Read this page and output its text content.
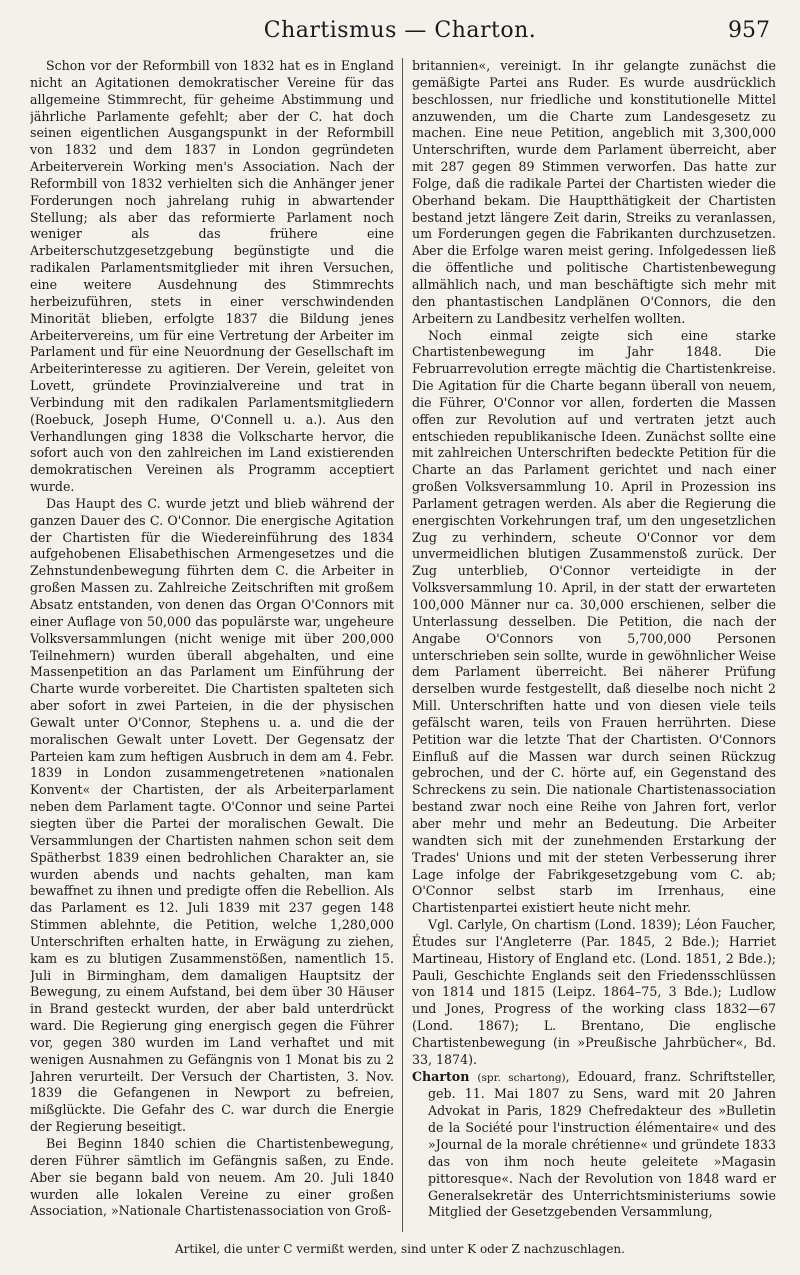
Chartismus — Charton.	957

Schon vor der Reformbill von 1832 hat es in England nicht an Agitationen demokratischer Vereine für das allgemeine Stimmrecht, für geheime Abstimmung und jährliche Parlamente gefehlt; aber der C. hat doch seinen eigentlichen Ausgangspunkt in der Reformbill von 1832 und dem 1837 in London gegründeten Arbeiterverein Working men's Association. Nach der Reformbill von 1832 verhielten sich die Anhänger jener Forderungen noch jahrelang ruhig in abwartender Stellung; als aber das reformierte Parlament noch weniger als das frühere eine Arbeiterschutzgesetzgebung begünstigte und die radikalen Parlamentsmitglieder mit ihren Versuchen, eine weitere Ausdehnung des Stimmrechts herbeizuführen, stets in einer verschwindenden Minorität blieben, erfolgte 1837 die Bildung jenes Arbeitervereins, um für eine Vertretung der Arbeiter im Parlament und für eine Neuordnung der Gesellschaft im Arbeiterinteresse zu agitieren. Der Verein, geleitet von Lovett, gründete Provinzialvereine und trat in Verbindung mit den radikalen Parlamentsmitgliedern (Roebuck, Joseph Hume, O'Connell u. a.). Aus den Verhandlungen ging 1838 die Volkscharte hervor, die sofort auch von den zahlreichen im Land existierenden demokratischen Vereinen als Programm acceptiert wurde.

Das Haupt des C. wurde jetzt und blieb während der ganzen Dauer des C. O'Connor. Die energische Agitation der Chartisten für die Wiedereinführung des 1834 aufgehobenen Elisabethischen Armengesetzes und die Zehnstundenbewegung führten dem C. die Arbeiter in großen Massen zu. Zahlreiche Zeitschriften mit großem Absatz entstanden, von denen das Organ O'Connors mit einer Auflage von 50,000 das populärste war, ungeheure Volksversammlungen (nicht wenige mit über 200,000 Teilnehmern) wurden überall abgehalten, und eine Massenpetition an das Parlament um Einführung der Charte wurde vorbereitet. Die Chartisten spalteten sich aber sofort in zwei Parteien, in die der physischen Gewalt unter O'Connor, Stephens u. a. und die der moralischen Gewalt unter Lovett. Der Gegensatz der Parteien kam zum heftigen Ausbruch in dem am 4. Febr. 1839 in London zusammengetretenen »nationalen Konvent« der Chartisten, der als Arbeiterparlament neben dem Parlament tagte. O'Connor und seine Partei siegten über die Partei der moralischen Gewalt. Die Versammlungen der Chartisten nahmen schon seit dem Spätherbst 1839 einen bedrohlichen Charakter an, sie wurden abends und nachts gehalten, man kam bewaffnet zu ihnen und predigte offen die Rebellion. Als das Parlament es 12. Juli 1839 mit 237 gegen 148 Stimmen ablehnte, die Petition, welche 1,280,000 Unterschriften erhalten hatte, in Erwägung zu ziehen, kam es zu blutigen Zusammenstößen, namentlich 15. Juli in Birmingham, dem damaligen Hauptsitz der Bewegung, zu einem Aufstand, bei dem über 30 Häuser in Brand gesteckt wurden, der aber bald unterdrückt ward. Die Regierung ging energisch gegen die Führer vor, gegen 380 wurden im Land verhaftet und mit wenigen Ausnahmen zu Gefängnis von 1 Monat bis zu 2 Jahren verurteilt. Der Versuch der Chartisten, 3. Nov. 1839 die Gefangenen in Newport zu befreien, mißglückte. Die Gefahr des C. war durch die Energie der Regierung beseitigt.

Bei Beginn 1840 schien die Chartistenbewegung, deren Führer sämtlich im Gefängnis saßen, zu Ende. Aber sie begann bald von neuem. Am 20. Juli 1840 wurden alle lokalen Vereine zu einer großen Association, »Nationale Chartistenassociation von Groß-

britannien«, vereinigt. In ihr gelangte zunächst die gemäßigte Partei ans Ruder. Es wurde ausdrücklich beschlossen, nur friedliche und konstitutionelle Mittel anzuwenden, um die Charte zum Landesgesetz zu machen. Eine neue Petition, angeblich mit 3,300,000 Unterschriften, wurde dem Parlament überreicht, aber mit 287 gegen 89 Stimmen verworfen. Das hatte zur Folge, daß die radikale Partei der Chartisten wieder die Oberhand bekam. Die Hauptthätigkeit der Chartisten bestand jetzt längere Zeit darin, Streiks zu veranlassen, um Forderungen gegen die Fabrikanten durchzusetzen. Aber die Erfolge waren meist gering. Infolgedessen ließ die öffentliche und politische Chartistenbewegung allmählich nach, und man beschäftigte sich mehr mit den phantastischen Landplänen O'Connors, die den Arbeitern zu Landbesitz verhelfen wollten.

Noch einmal zeigte sich eine starke Chartistenbewegung im Jahr 1848. Die Februarrevolution erregte mächtig die Chartistenkreise. Die Agitation für die Charte begann überall von neuem, die Führer, O'Connor vor allen, forderten die Massen offen zur Revolution auf und vertraten jetzt auch entschieden republikanische Ideen. Zunächst sollte eine mit zahlreichen Unterschriften bedeckte Petition für die Charte an das Parlament gerichtet und nach einer großen Volksversammlung 10. April in Prozession ins Parlament getragen werden. Als aber die Regierung die energischten Vorkehrungen traf, um den ungesetzlichen Zug zu verhindern, scheute O'Connor vor dem unvermeidlichen blutigen Zusammenstoß zurück. Der Zug unterblieb, O'Connor verteidigte in der Volksversammlung 10. April, in der statt der erwarteten 100,000 Männer nur ca. 30,000 erschienen, selber die Unterlassung desselben. Die Petition, die nach der Angabe O'Connors von 5,700,000 Personen unterschrieben sein sollte, wurde in gewöhnlicher Weise dem Parlament überreicht. Bei näherer Prüfung derselben wurde festgestellt, daß dieselbe noch nicht 2 Mill. Unterschriften hatte und von diesen viele teils gefälscht waren, teils von Frauen herrührten. Diese Petition war die letzte That der Chartisten. O'Connors Einfluß auf die Massen war durch seinen Rückzug gebrochen, und der C. hörte auf, ein Gegenstand des Schreckens zu sein. Die nationale Chartistenassociation bestand zwar noch eine Reihe von Jahren fort, verlor aber mehr und mehr an Bedeutung. Die Arbeiter wandten sich mit der zunehmenden Erstarkung der Trades' Unions und mit der steten Verbesserung ihrer Lage infolge der Fabrikgesetzgebung vom C. ab; O'Connor selbst starb im Irrenhaus, eine Chartistenpartei existiert heute nicht mehr.

Vgl. Carlyle, On chartism (Lond. 1839); Léon Faucher, Études sur l'Angleterre (Par. 1845, 2 Bde.); Harriet Martineau, History of England etc. (Lond. 1851, 2 Bde.); Pauli, Geschichte Englands seit den Friedensschlüssen von 1814 und 1815 (Leipz. 1864–75, 3 Bde.); Ludlow und Jones, Progress of the working class 1832—67 (Lond. 1867); L. Brentano, Die englische Chartistenbewegung (in »Preußische Jahrbücher«, Bd. 33, 1874).

Charton (spr. schartong), Edouard, franz. Schriftsteller, geb. 11. Mai 1807 zu Sens, ward mit 20 Jahren Advokat in Paris, 1829 Chefredakteur des »Bulletin de la Société pour l'instruction élémentaire« und des »Journal de la morale chrétienne« und gründete 1833 das von ihm noch heute geleitete »Magasin pittoresque«. Nach der Revolution von 1848 ward er Generalsekretär des Unterrichtsministeriums sowie Mitglied der Gesetzgebenden Versammlung,

Artikel, die unter C vermißt werden, sind unter K oder Z nachzuschlagen.
